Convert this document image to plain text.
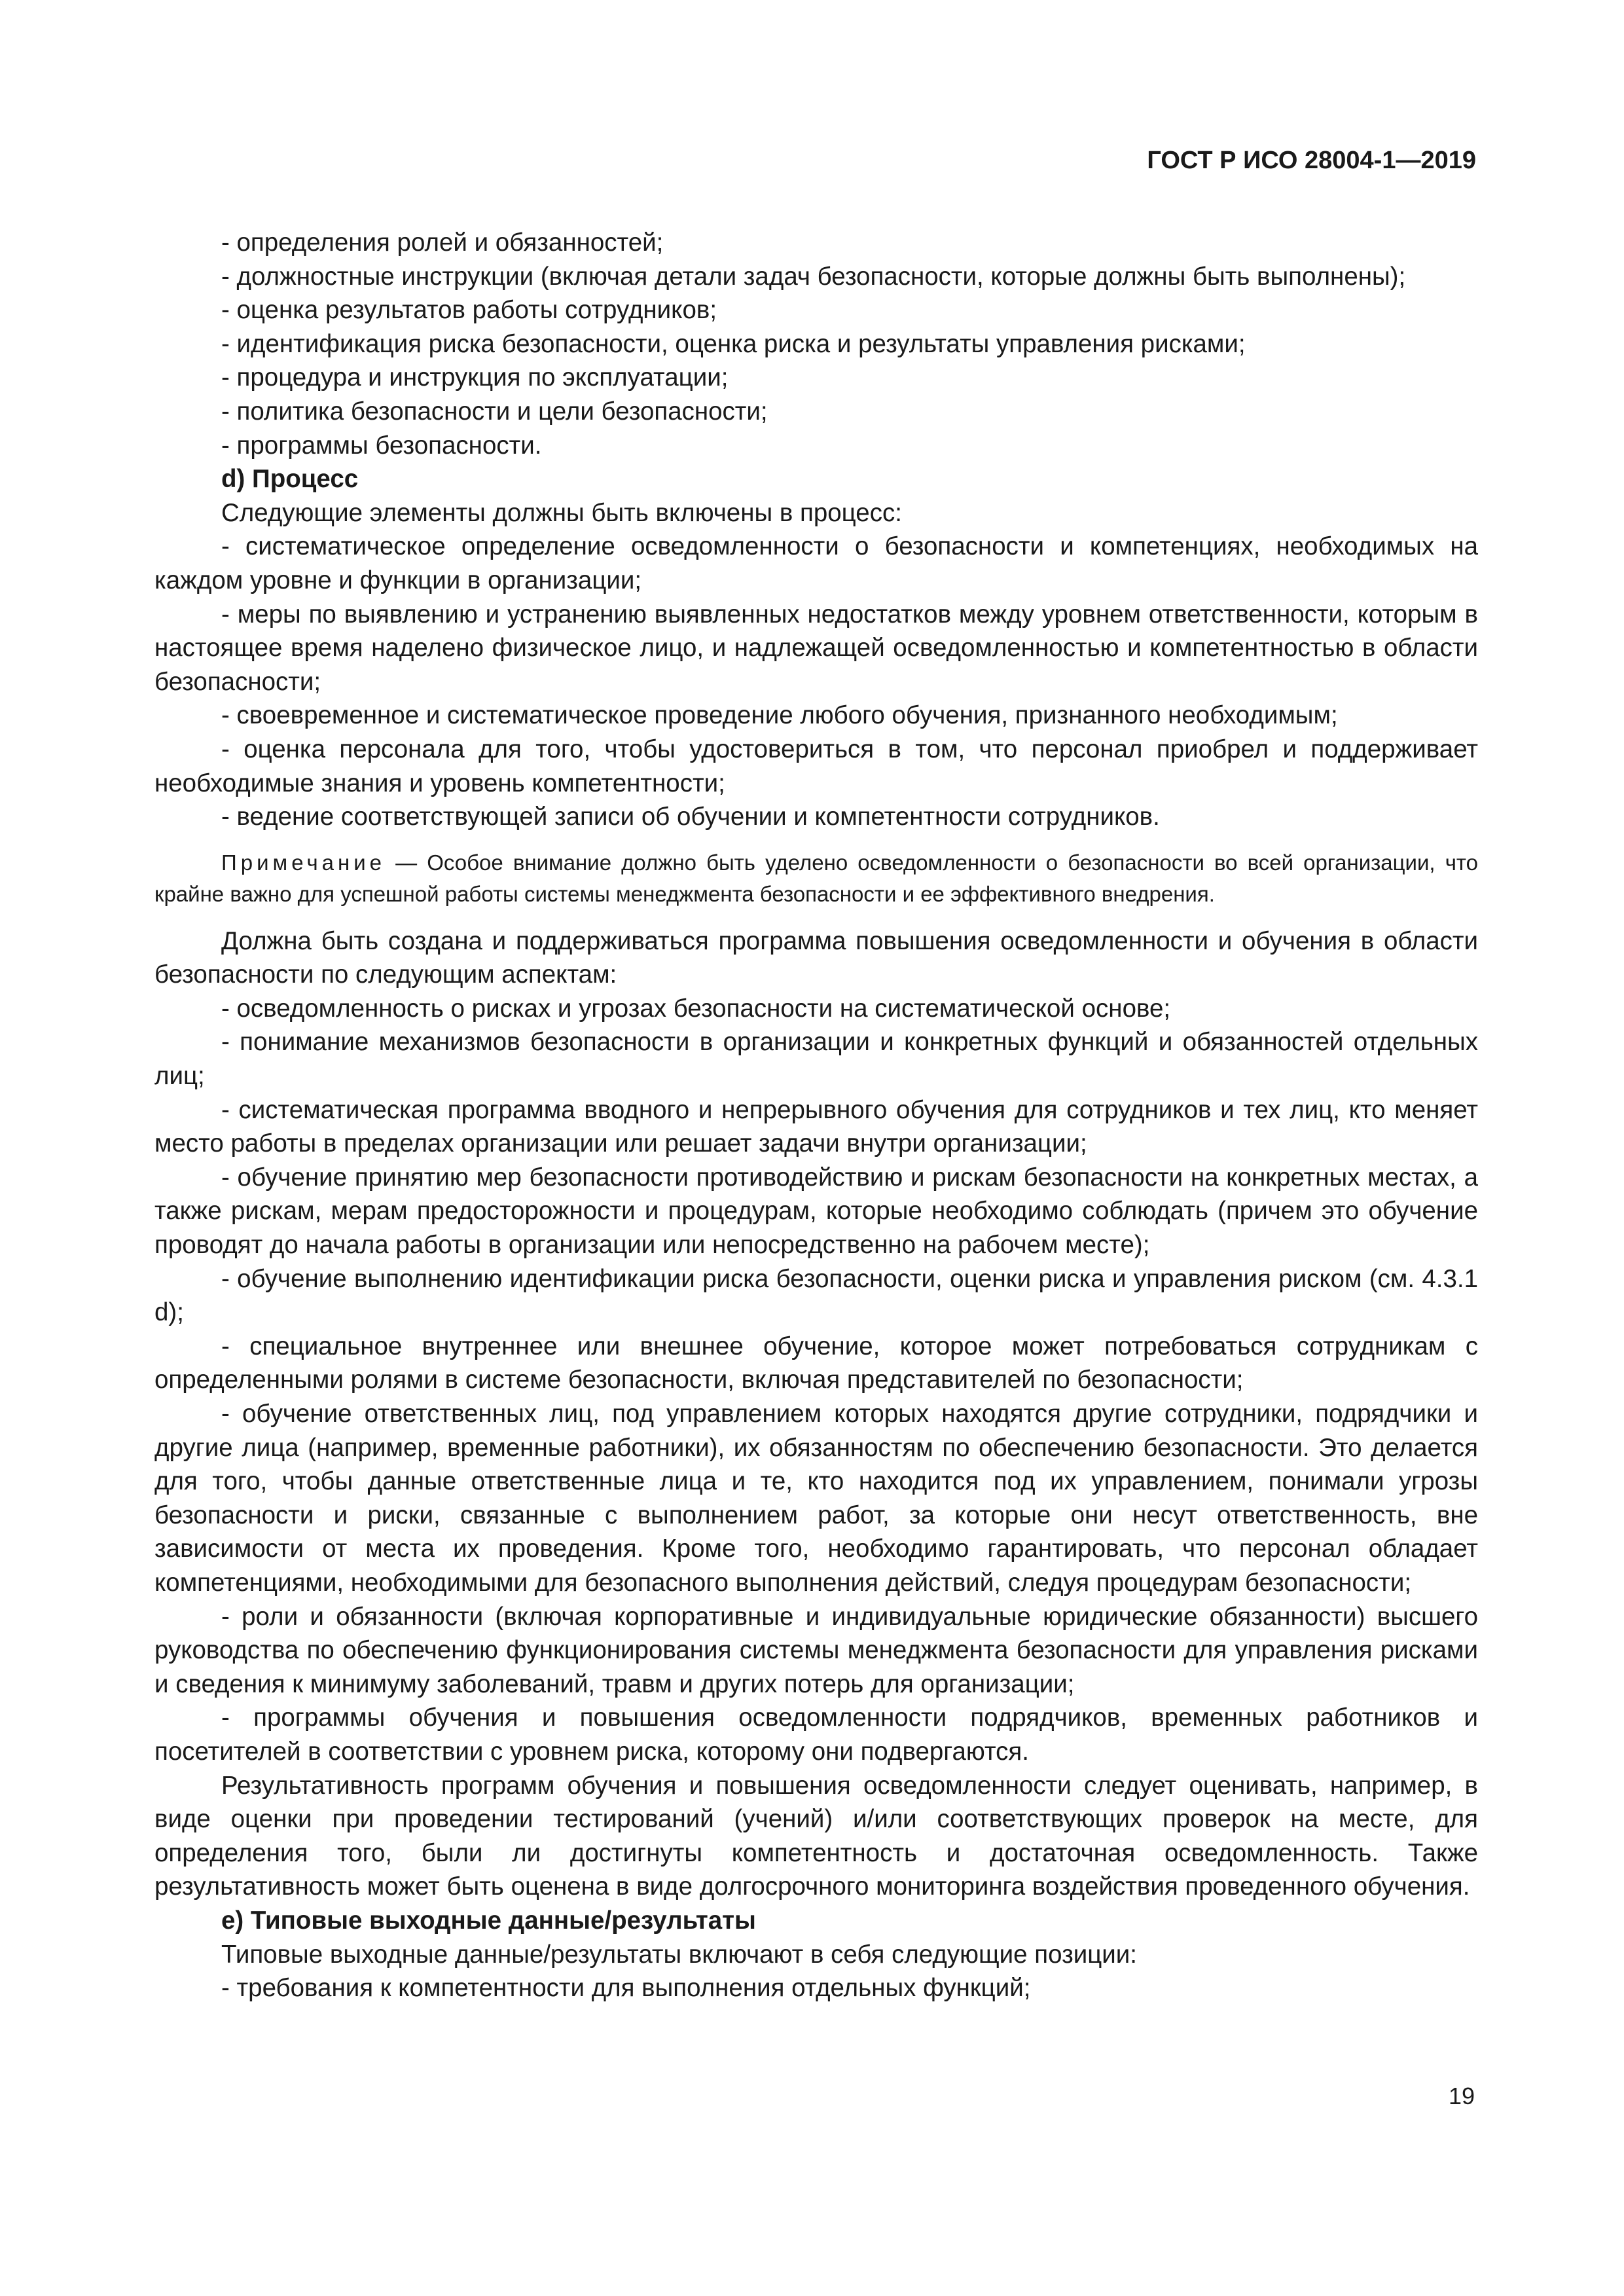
ГОСТ Р ИСО 28004-1—2019

- определения ролей и обязанностей;

- должностные инструкции (включая детали задач безопасности, которые должны быть выполнены);

- оценка результатов работы сотрудников;

- идентификация риска безопасности, оценка риска и результаты управления рисками;

- процедура и инструкция по эксплуатации;

- политика безопасности и цели безопасности;

- программы безопасности.

d) Процесс

Следующие элементы должны быть включены в процесс:

- систематическое определение осведомленности о безопасности и компетенциях, необходимых на каждом уровне и функции в организации;

- меры по выявлению и устранению выявленных недостатков между уровнем ответственности, которым в настоящее время наделено физическое лицо, и надлежащей осведомленностью и компетентностью в области безопасности;

- своевременное и систематическое проведение любого обучения, признанного необходимым;

- оценка персонала для того, чтобы удостовериться в том, что персонал приобрел и поддерживает необходимые знания и уровень компетентности;

- ведение соответствующей записи об обучении и компетентности сотрудников.

Примечание — Особое внимание должно быть уделено осведомленности о безопасности во всей организации, что крайне важно для успешной работы системы менеджмента безопасности и ее эффективного внедрения.

Должна быть создана и поддерживаться программа повышения осведомленности и обучения в области безопасности по следующим аспектам:

- осведомленность о рисках и угрозах безопасности на систематической основе;

- понимание механизмов безопасности в организации и конкретных функций и обязанностей отдельных лиц;

- систематическая программа вводного и непрерывного обучения для сотрудников и тех лиц, кто меняет место работы в пределах организации или решает задачи внутри организации;

- обучение принятию мер безопасности противодействию и рискам безопасности на конкретных местах, а также рискам, мерам предосторожности и процедурам, которые необходимо соблюдать (причем это обучение проводят до начала работы в организации или непосредственно на рабочем месте);

- обучение выполнению идентификации риска безопасности, оценки риска и управления риском (см. 4.3.1 d);

- специальное внутреннее или внешнее обучение, которое может потребоваться сотрудникам с определенными ролями в системе безопасности, включая представителей по безопасности;

- обучение ответственных лиц, под управлением которых находятся другие сотрудники, подрядчики и другие лица (например, временные работники), их обязанностям по обеспечению безопасности. Это делается для того, чтобы данные ответственные лица и те, кто находится под их управлением, понимали угрозы безопасности и риски, связанные с выполнением работ, за которые они несут ответственность, вне зависимости от места их проведения. Кроме того, необходимо гарантировать, что персонал обладает компетенциями, необходимыми для безопасного выполнения действий, следуя процедурам безопасности;

- роли и обязанности (включая корпоративные и индивидуальные юридические обязанности) высшего руководства по обеспечению функционирования системы менеджмента безопасности для управления рисками и сведения к минимуму заболеваний, травм и других потерь для организации;

- программы обучения и повышения осведомленности подрядчиков, временных работников и посетителей в соответствии с уровнем риска, которому они подвергаются.

Результативность программ обучения и повышения осведомленности следует оценивать, например, в виде оценки при проведении тестирований (учений) и/или соответствующих проверок на месте, для определения того, были ли достигнуты компетентность и достаточная осведомленность. Также результативность может быть оценена в виде долгосрочного мониторинга воздействия проведенного обучения.

e) Типовые выходные данные/результаты

Типовые выходные данные/результаты включают в себя следующие позиции:

- требования к компетентности для выполнения отдельных функций;

19
